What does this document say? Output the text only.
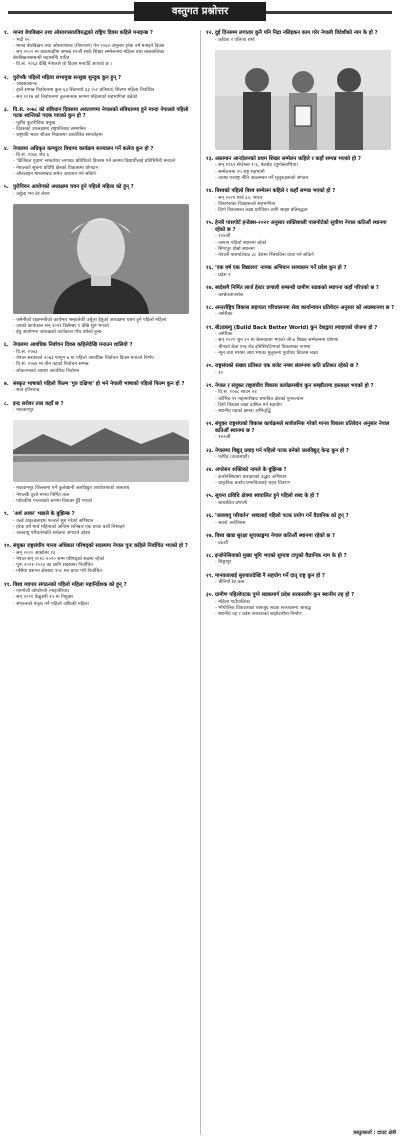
वस्तुगत प्रश्नोत्तर
१. मानव बेचबिखन तथा ओसारपसारविरुद्धको राष्ट्रिय दिवस कहिले मनाइन्छ ?
- भदौ २५
- मानव बेचबिखन तथा ओसारपसार (नियन्त्रण) ऐन २०६४ अनुसार हरेक वर्ष मनाइने दिवस
- सन् २००२ मा काठमाडौंमा सम्पन्न ११औं सार्क शिखर सम्मेलनमा महिला तथा बालबालिका बेचबिखनसम्बन्धी महासन्धि पारित
- वि.सं. २०६३ देखि नेपालले यो दिवस मनाउँदै आएको छ ।
२. युरोपकै पहिलो महिला सभामुख सन्सुन्ना सुन्दुक कुन हुन् ?
- आइसल्यान्ड
- हालै सम्पन्न निर्वाचनमा कुल ६३ सिटमध्ये ३३ (५२ प्रतिशत) सिटमा महिला निर्वाचित
- सन् २०१७ को निर्वाचनमा तुलनात्मक रूपमा महिलाको सहभागिता बढेको
३. वि.सं. २०७८ को संविधान दिवसमा अवतरणमा नेपालको संविधानमा हुने मान्दा नेपालले पहिलो पटक शान्तिको पदक पाएको कुन हो ?
- पूर्वीय कूटनीतिक प्रमुख
- दिवसको उपलक्ष्यमा राष्ट्रपतिबाट सम्मानित
- राष्ट्रपति भवन शीतल निवासमा आयोजित समारोहमा
४. नेपालमा अधिकृत कम्प्युटर विधामा कार्यक्रम सञ्चालन गर्ने कलेज कुन हो ?
- वि.सं. २०७६ जेठ ६
- 'डिजिटल गुदाम' सफ्टवेयर लगायत प्रविधिको विकास गर्ने क्रममा विद्यार्थीलाई प्रविधिमैत्री बनाउने
- नेपालको सूचना प्रविधि क्षेत्रको विकासमा योगदान
- ऑनलाइन माध्यमबाट समेत अध्ययन गर्न सकिने
५. युरोपियन आयोगको अध्यक्षमा चयन हुने पहिलो महिला को हुन् ?
- उर्सुला भन डेर लेयन
- जर्मनीको रक्षामन्त्रीको कार्यभार सम्हालेकी उर्सुला ईयुको अध्यक्षमा चयन हुने पहिलो महिला
- उनको कार्यकाल सन् २०१९ डिसेम्बर १ देखि शुरु भएको
- ईयु आयोगमा अध्यक्षको कार्यकाल पाँच वर्षको हुन्छ
६. नेपालमा आवधिक निर्वाचन दिवस कहिलेदेखि मनाउन थालियो ?
- वि.सं. २०७३
- नेपाल सरकारले २०७३ फागुन ७ मा पहिलो आवधिक निर्वाचन दिवस मनाउने निर्णय
- वि.सं. २०७४ मा तीन तहको निर्वाचन सम्पन्न
- लोकतन्त्रको आधार आवधिक निर्वाचन
७. संस्कृत भाषाको पहिलो फिल्म 'गुरु दक्षिणा' हो भने नेपाली भाषाको पहिलो फिल्म कुन हो ?
- सत्य हरिश्चन्द्र
८. इन्द्र सरोवर ताल कहाँ छ ?
- मकवानपुर
- मकवानपुर जिल्लामा पर्ने कुलेखानी जलविद्युत आयोजनाको जलाशय
- नेपालकै ठूलो मानव निर्मित ताल
- पर्यटकीय गन्तव्यको रूपमा विकास हुँदै गएको
९. 'अर्थ आवर' भन्नाले के बुझिन्छ ?
- वर्ल्ड वाइल्डलाइफ फन्डले सुरु गरेको अभियान
- हरेक वर्ष मार्च महिनाको अन्तिम शनिबार एक घण्टा बत्ती निभाइने
- जलवायु परिवर्तनप्रति सचेतना जगाउने उद्देश्य
१०. संयुक्त राष्ट्रसंघीय मानव अधिकार परिषद्को सदस्यमा नेपाल पुनः कहिले निर्वाचित भएको हो ?
- सन् २०२० अक्टोबर १३
- नेपाल सन् २०१८-२०२० सम्म परिषद्को सदस्य रहेको
- पुनः २०२१-२०२३ का लागि सदस्यमा निर्वाचित
- एसिया प्रशान्त क्षेत्रबाट १५० मत प्राप्त गरी निर्वाचित
११. विश्व व्यापार संगठनको पहिलो महिला महानिर्देशक को हुन् ?
- एनगोजी ओकोन्जो (नाइजेरिया)
- सन् २०२१ फेब्रुअरी १५ मा नियुक्त
- संगठनको नेतृत्व गर्ने पहिलो अफ्रिकी महिला
१२. दुई दिनसम्म लगातार कुनै पनि निद्रा नलिइकन काम गरेर नेपाली विदेशीको नाम के हो ?
- कविता र एलिजा शर्मा
१३. अस्तमान आन्दोलनको प्रथम शिखर सम्मेलन कहिले र कहाँ सम्पन्न भएको हो ?
- सन् १९६१ सेप्टेम्बर १-६, बेलग्रेड (युगोस्लाभिया)
- सम्मेलनमा २५ राष्ट्र सहभागी
- तटस्थ परराष्ट्र नीति अवलम्बन गर्ने मुलुकहरूको संगठन
१४. विश्वको पहिलो विश्व सम्मेलन कहिले र कहाँ सम्पन्न भएको हो ?
- सन् २०२१ मार्च ३०, भारत
- विश्वभरका विज्ञहरूको सहभागिता
- दिगो विकासका लक्ष्य प्राप्तिका लागि साझा प्रतिबद्धता
१५. हेन्ली पासपोर्ट इन्डेक्स-२०२१ अनुसार शक्तिशाली पासपोर्टको सूचीमा नेपाल कतिऔं स्थानमा रहेको छ ?
- १०४औं
- जापान पहिलो स्थानमा रहेको
- सिंगापुर दोस्रो स्थानमा
- नेपाली पासपोर्टबाट ३८ देशमा भिसाविना यात्रा गर्न सकिने
१६. 'एक वर्ष एक विद्यालय' नामक अभियान सञ्चालन गर्ने प्रदेश कुन हो ?
- प्रदेश २
१७. स्वदेशमै निर्मित लार्ज हेस्टर प्रणाली सम्बन्धी ग्रामीण सडकको स्थापना कहाँ गरिएको छ ?
- काभ्रेपलाञ्चोक
१८. अन्तर्राष्ट्रिय विकास सहायता परिचालनमा सेवा कार्यान्वयन प्रतिवेदन अनुसार को अग्रस्थानमा छ ?
- अमेरिका
१९. बी३डब्ल्यु (Build Back Better World) कुन देशद्वारा ल्याइएको योजना हो ?
- अमेरिका
- सन् २०२१ जुन १२ मा बेलायतमा भएको जी-७ शिखर सम्मेलनमा घोषणा
- चीनको बेल्ट एन्ड रोड इनिसिएटिभको विकल्पका रूपमा
- न्यून तथा मध्यम आय भएका मुलुकमा पूर्वाधार विकास लक्ष्य
२०. राष्ट्रसंघको संख्या प्रतिशत एक बजेट नम्बर संलग्नमा कति प्रतिशत रहेको छ ?
- १०
२१. नेपाल र संयुक्त राष्ट्रसंघीय विकास कार्यक्रमबीच कुन सम्झौतामा हस्ताक्षर भएको हो ?
- वि.सं. २०७८ साउन २४
- कोभिड-१९ महामारीबाट प्रभावित क्षेत्रको पुनरुत्थान
- दिगो विकास लक्ष्य हासिल गर्न सहयोग
- स्थानीय तहको क्षमता अभिवृद्धि
२२. संयुक्त राष्ट्रसंघको विकास कार्यक्रमले सार्वजनिक गरेको मानव विकास प्रतिवेदन अनुसार नेपाल कतिऔं स्थानमा छ ?
- १४२औं
२३. नेपालमा विद्युत् प्रवाह गर्न पहिलो पटक बनेको जलविद्युत् केन्द्र कुन हो ?
- फर्पिङ (काठमाडौं)
२४. अपरेसन शक्तिको नामले के बुझिन्छ ?
- इन्डोनेसियामा चलाइएको उद्धार अभियान
- प्राकृतिक प्रकोप प्रभावितलाई राहत वितरण
२५. सूचना प्रविधि क्षेत्रमा स्वचालित हुने पहिलो शब्द के हो ?
- स्वचालित प्रणाली
२६. 'जलवायु परिवर्तन' शब्दलाई पहिलो पटक प्रयोग गर्ने वैज्ञानिक को हुन् ?
- स्वान्टे आरेनियस
२७. विश्व खाद्य सुरक्षा सूचकाङ्कमा नेपाल कतिऔं स्थानमा रहेको छ ?
- ७६औं
२८. इन्डोनेसियाको मुख्य भूमि भएको सुमात्रा टापुको वैज्ञानिक नाम के हो ?
- सिङ्गापुर
२९. मानवतालाई सुरुवातदेखि नै सहयोग गर्ने दातृ राष्ट्र कुन हो ?
- चीनियाँ रेड क्रस
३०. ग्रामीण पहिलोपटक पुग्ने सडकमार्ग प्रदेश सरकारसँग कुन स्थानीय तह हो ?
- महिला गाउँपालिका
- भौगोलिक विकटताका बाबजुद सडक सञ्जालमा आबद्ध
- स्थानीय तह र प्रदेश सरकारको साझेदारीमा निर्माण
प्रस्तुतकर्ता : दाउद क्षेत्री
